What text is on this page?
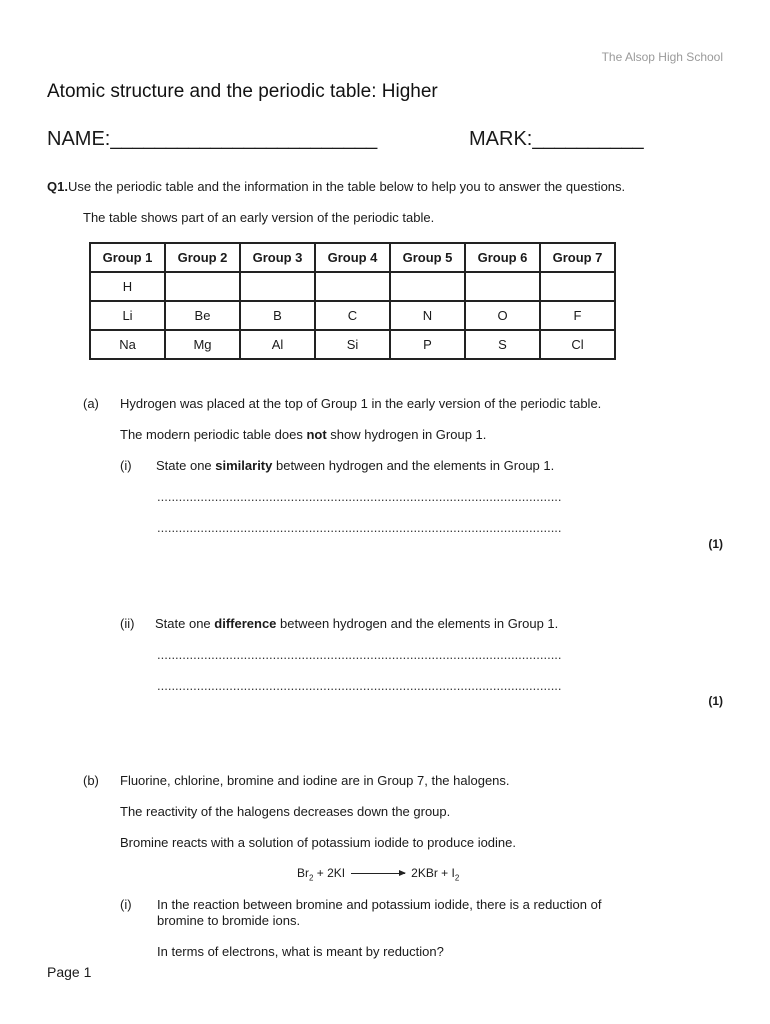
The Alsop High School
Atomic structure and the periodic table: Higher
NAME:________________________	MARK:__________
Q1.Use the periodic table and the information in the table below to help you to answer the questions.
The table shows part of an early version of the periodic table.
Group 1	Group 2	Group 3	Group 4	Group 5	Group 6	Group 7
H						
Li	Be	B	C	N	O	F
Na	Mg	Al	Si	P	S	Cl
(a) Hydrogen was placed at the top of Group 1 in the early version of the periodic table.
The modern periodic table does not show hydrogen in Group 1.
(i) State one similarity between hydrogen and the elements in Group 1.
................................................................................................................
................................................................................................................
(1)
(ii) State one difference between hydrogen and the elements in Group 1.
................................................................................................................
................................................................................................................
(1)
(b) Fluorine, chlorine, bromine and iodine are in Group 7, the halogens.
The reactivity of the halogens decreases down the group.
Bromine reacts with a solution of potassium iodide to produce iodine.
$Br_2 + 2KI$	$2KBr + I_2$
(i) In the reaction between bromine and potassium iodide, there is a reduction of
bromine to bromide ions.
In terms of electrons, what is meant by reduction?
Page 1
